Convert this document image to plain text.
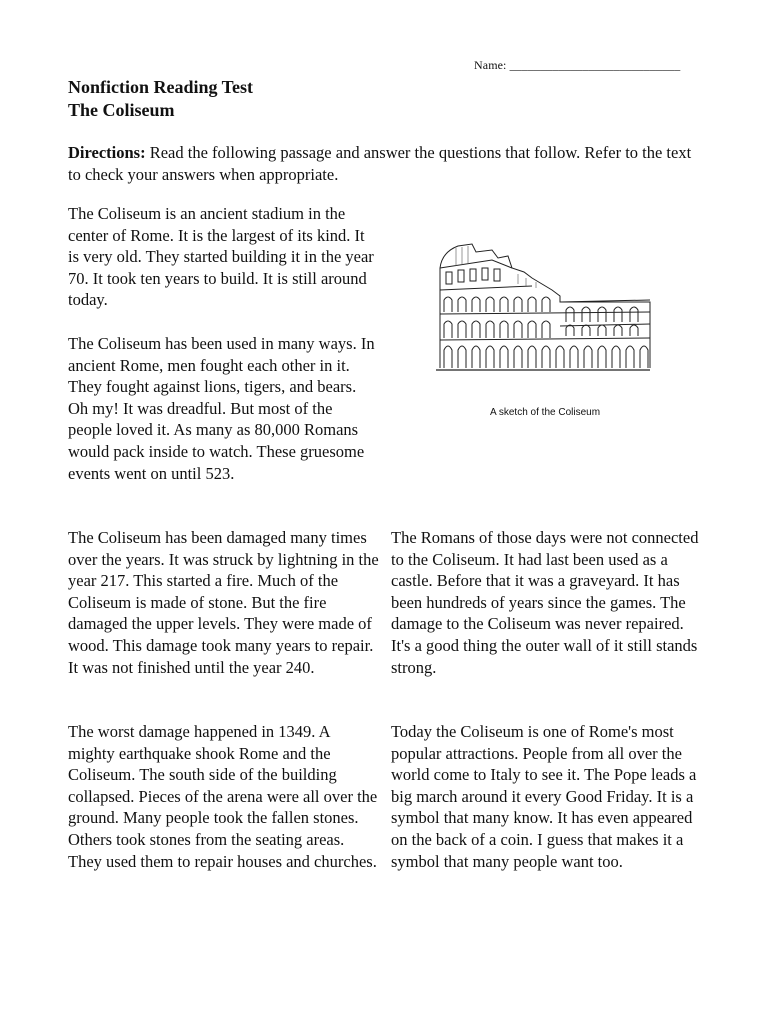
Name: ____________________________
Nonfiction Reading Test
The Coliseum
Directions: Read the following passage and answer the questions that follow. Refer to the text to check your answers when appropriate.

The Coliseum is an ancient stadium in the center of Rome. It is the largest of its kind. It is very old. They started building it in the year 70. It took ten years to build. It is still around today.

The Coliseum has been used in many ways. In ancient Rome, men fought each other in it. They fought against lions, tigers, and bears. Oh my! It was dreadful. But most of the people loved it. As many as 80,000 Romans would pack inside to watch. These gruesome events went on until 523.

The Coliseum has been damaged many times over the years. It was struck by lightning in the year 217. This started a fire. Much of the Coliseum is made of stone. But the fire damaged the upper levels. They were made of wood. This damage took many years to repair. It was not finished until the year 240.

The worst damage happened in 1349. A mighty earthquake shook Rome and the Coliseum. The south side of the building collapsed. Pieces of the arena were all over the ground. Many people took the fallen stones. Others took stones from the seating areas. They used them to repair houses and churches.

The Romans of those days were not connected to the Coliseum. It had last been used as a castle. Before that it was a graveyard. It has been hundreds of years since the games. The damage to the Coliseum was never repaired. It's a good thing the outer wall of it still stands strong.

Today the Coliseum is one of Rome's most popular attractions. People from all over the world come to Italy to see it. The Pope leads a big march around it every Good Friday. It is a symbol that many know. It has even appeared on the back of a coin. I guess that makes it a symbol that many people want too.

A sketch of the Coliseum
